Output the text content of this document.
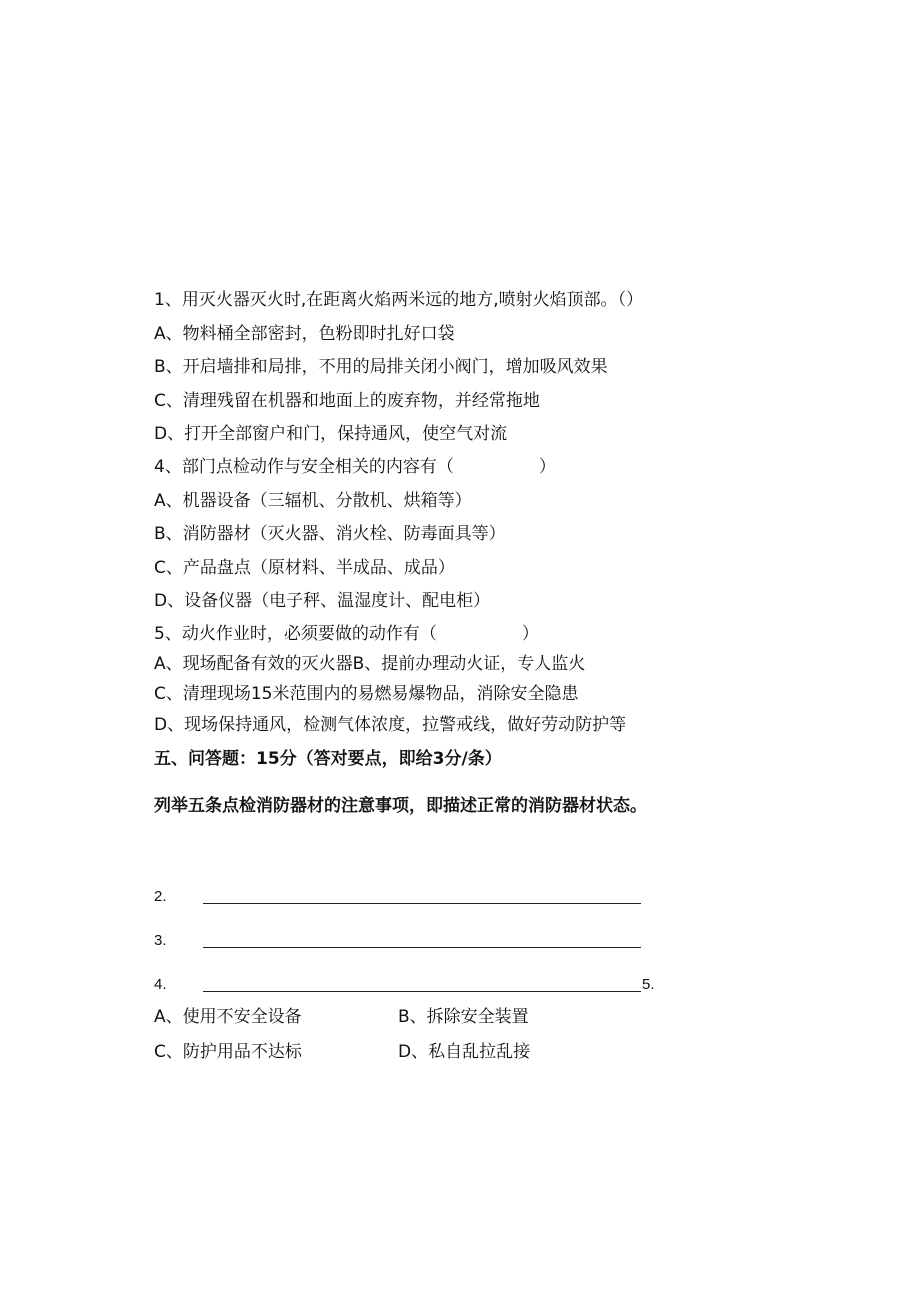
1、用灭火器灭火时,在距离火焰两米远的地方,喷射火焰顶部。（）
A、物料桶全部密封，色粉即时扎好口袋
B、开启墙排和局排，不用的局排关闭小阀门，增加吸风效果
C、清理残留在机器和地面上的废弃物，并经常拖地
D、打开全部窗户和门，保持通风，使空气对流
4、部门点检动作与安全相关的内容有（　　　　　）
A、机器设备（三辐机、分散机、烘箱等）
B、消防器材（灭火器、消火栓、防毒面具等）
C、产品盘点（原材料、半成品、成品）
D、设备仪器（电子秤、温湿度计、配电柜）
5、动火作业时，必须要做的动作有（　　　　　）
A、现场配备有效的灭火器B、提前办理动火证，专人监火
C、清理现场15米范围内的易燃易爆物品，消除安全隐患
D、现场保持通风，检测气体浓度，拉警戒线，做好劳动防护等
五、问答题：15分（答对要点，即给3分/条）
列举五条点检消防器材的注意事项，即描述正常的消防器材状态。
2.
3.
4.	5.
A、使用不安全设备	B、拆除安全装置
C、防护用品不达标	D、私自乱拉乱接
